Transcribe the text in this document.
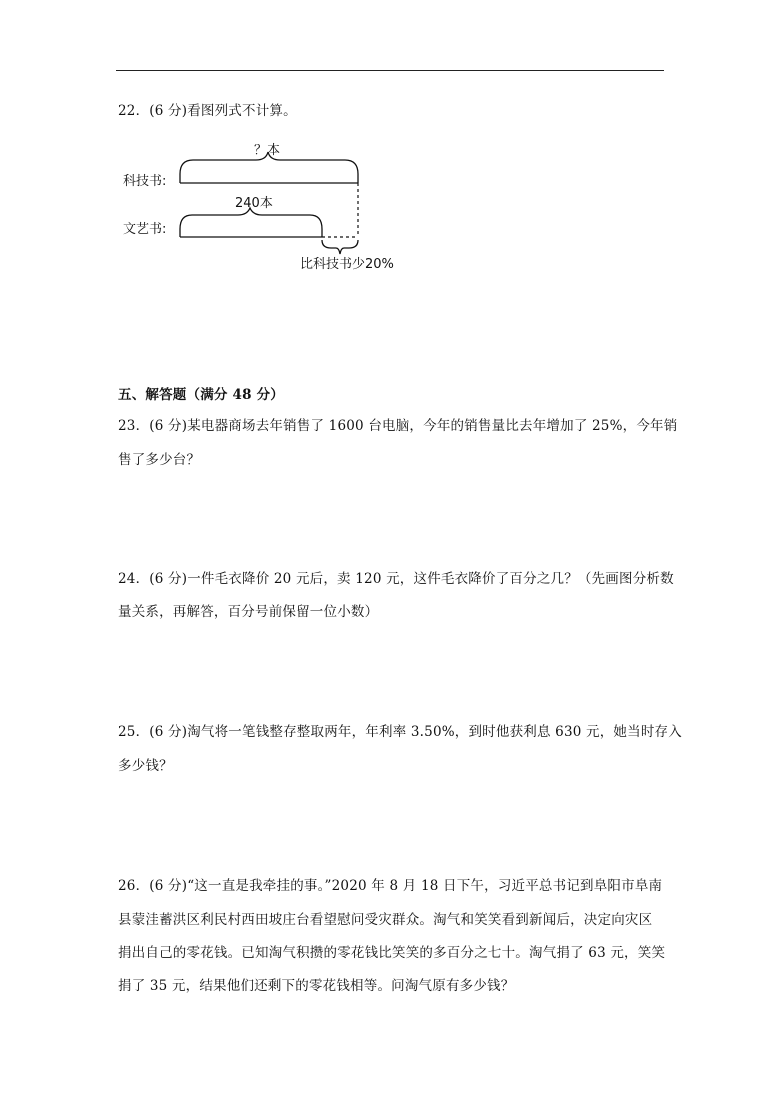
22．(6 分)看图列式不计算。
？本
科技书:
240本
文艺书:
比科技书少20%
五、解答题（满分 48 分）
23．(6 分)某电器商场去年销售了 1600 台电脑，今年的销售量比去年增加了 25%，今年销
售了多少台？
24．(6 分)一件毛衣降价 20 元后，卖 120 元，这件毛衣降价了百分之几？（先画图分析数
量关系，再解答，百分号前保留一位小数）
25．(6 分)淘气将一笔钱整存整取两年，年利率 3.50%，到时他获利息 630 元，她当时存入
多少钱？
26．(6 分)“这一直是我牵挂的事。”2020 年 8 月 18 日下午，习近平总书记到阜阳市阜南
县蒙洼蓄洪区利民村西田坡庄台看望慰问受灾群众。淘气和笑笑看到新闻后，决定向灾区
捐出自己的零花钱。已知淘气积攒的零花钱比笑笑的多百分之七十。淘气捐了 63 元，笑笑
捐了 35 元，结果他们还剩下的零花钱相等。问淘气原有多少钱？
